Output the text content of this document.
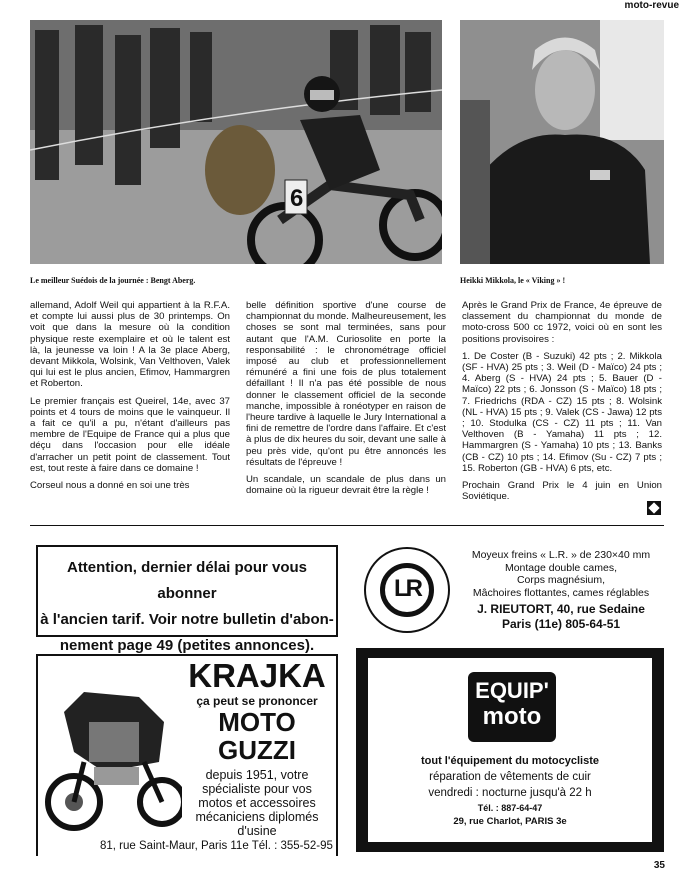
moto-revue
6
Le meilleur Suédois de la journée : Bengt Aberg.	Heikki Mikkola, le « Viking » !

allemand, Adolf Weil qui appartient à la R.F.A. et compte lui aussi plus de 30 printemps. On voit que dans la mesure où la condition physique reste exemplaire et où le talent est là, la jeunesse va loin ! A la 3e place Aberg, devant Mikkola, Wolsink, Van Velthoven, Valek qui lui est le plus ancien, Efimov, Hammargren et Roberton.

Le premier français est Queirel, 14e, avec 37 points et 4 tours de moins que le vainqueur. Il a fait ce qu'il a pu, n'étant d'ailleurs pas membre de l'Equipe de France qui a plus que déçu dans l'occasion pour elle idéale d'arracher un petit point de classement. Tout est, tout reste à faire dans ce domaine !

Corseul nous a donné en soi une très

belle définition sportive d'une course de championnat du monde. Malheureusement, les choses se sont mal terminées, sans pour autant que l'A.M. Curiosolite en porte la responsabilité : le chronométrage officiel imposé au club et professionnellement rémunéré a fini une fois de plus totalement défaillant ! Il n'a pas été possible de nous donner le classement officiel de la seconde manche, impossible à ronéotyper en raison de l'heure tardive à laquelle le Jury International a fini de remettre de l'ordre dans l'affaire. Et c'est à plus de dix heures du soir, devant une salle à peu près vide, qu'ont pu être annoncés les résultats de l'épreuve !

Un scandale, un scandale de plus dans un domaine où la rigueur devrait être la règle !

Après le Grand Prix de France, 4e épreuve de classement du championnat du monde de moto-cross 500 cc 1972, voici où en sont les positions provisoires :

1. De Coster (B - Suzuki) 42 pts ; 2. Mikkola (SF - HVA) 25 pts ; 3. Weil (D - Maïco) 24 pts ; 4. Aberg (S - HVA) 24 pts ; 5. Bauer (D - Maïco) 22 pts ; 6. Jonsson (S - Maïco) 18 pts ; 7. Friedrichs (RDA - CZ) 15 pts ; 8. Wolsink (NL - HVA) 15 pts ; 9. Valek (CS - Jawa) 12 pts ; 10. Stodulka (CS - CZ) 11 pts ; 11. Van Velthoven (B - Yamaha) 11 pts ; 12. Hammargren (S - Yamaha) 10 pts ; 13. Banks (CB - CZ) 10 pts ; 14. Efimov (Su - CZ) 7 pts ; 15. Roberton (GB - HVA) 6 pts, etc.

Prochain Grand Prix le 4 juin en Union Soviétique.

Attention, dernier délai pour vous abonner
à l'ancien tarif. Voir notre bulletin d'abon-
nement page 49 (petites annonces).
LR
Moyeux freins « L.R. » de 230×40 mm
Montage double cames,
Corps magnésium,
Mâchoires flottantes, cames réglables
J. RIEUTORT, 40, rue Sedaine
Paris (11e) 805-64-51
KRAJKA
ça peut se prononcer
MOTO
GUZZI
depuis 1951, votre
spécialiste pour vos
motos et accessoires
mécaniciens diplomés
d'usine
81, rue Saint-Maur, Paris 11e Tél. : 355-52-95
EQUIP'
moto
tout l'équipement du motocycliste
réparation de vêtements de cuir
vendredi : nocturne jusqu'à 22 h
Tél. : 887-64-47
29, rue Charlot, PARIS 3e
35
